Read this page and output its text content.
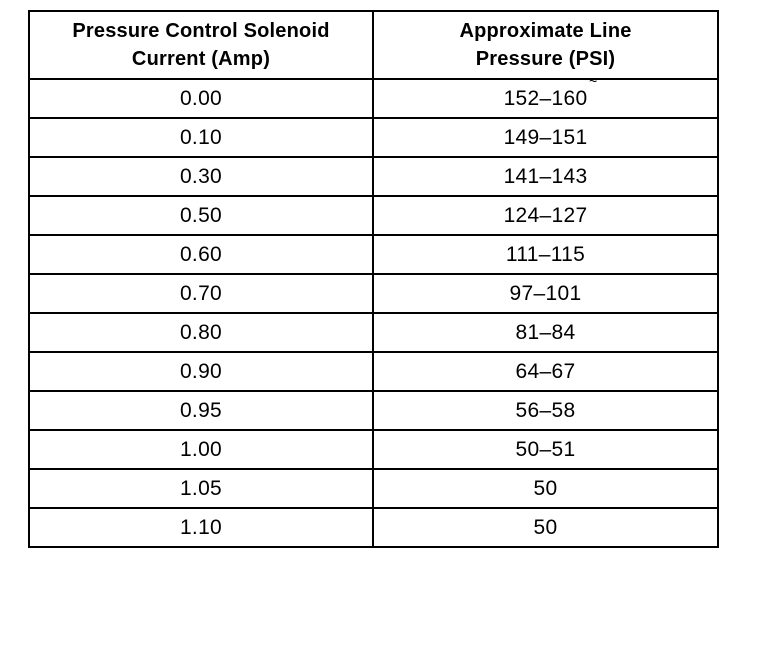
Pressure Control Solenoid
Current (Amp)	Approximate Line
Pressure (PSI)

0.00	152–160 ~
0.10	149–151
0.30	141–143
0.50	124–127
0.60	111–115
0.70	97–101
0.80	81–84
0.90	64–67
0.95	56–58
1.00	50–51
1.05	50
1.10	50
